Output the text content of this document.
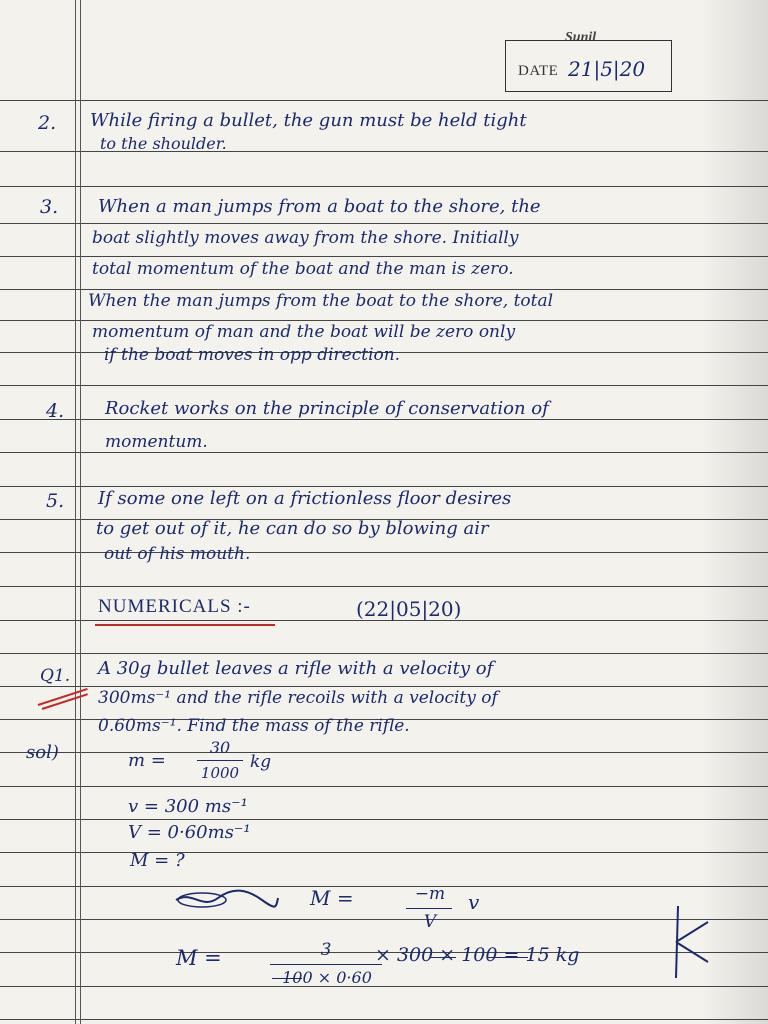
Sunil
DATE 21|5|20
2. While firing a bullet, the gun must be held tight
to the shoulder.
3. When a man jumps from a boat to the shore, the
boat slightly moves away from the shore. Initially
total momentum of the boat and the man is zero.
When the man jumps from the boat to the shore, total
momentum of man and the boat will be zero only
if the boat moves in opp direction.
4. Rocket works on the principle of conservation of
momentum.
5. If some one left on a frictionless floor desires
to get out of it, he can do so by blowing air
out of his mouth.
NUMERICALS :-	(22|05|20)
Q1. A 30g bullet leaves a rifle with a velocity of
300ms⁻¹ and the rifle recoils with a velocity of
0.60ms⁻¹. Find the mass of the rifle.
sol)	m =
30
1000
kg
v = 300 ms⁻¹
V = 0·60ms⁻¹
M = ?
M =	−m
V
v
M =	3
100 × 0·60
× 300 × 100 = 15 kg
